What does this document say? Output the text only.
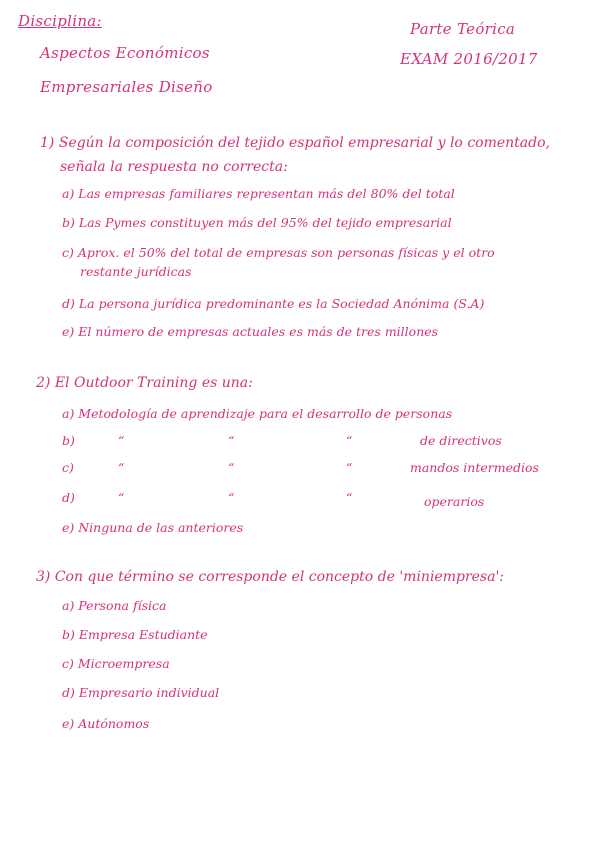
Disciplina:
Aspectos Económicos
Empresariales Diseño
Parte Teórica
EXAM 2016/2017
1) Según la composición del tejido español empresarial y lo comentado,
señala la respuesta no correcta:
a) Las empresas familiares representan más del 80% del total
b) Las Pymes constituyen más del 95% del tejido empresarial
c) Aprox. el 50% del total de empresas son personas físicas y el otro
restante jurídicas
d) La persona jurídica predominante es la Sociedad Anónima (S.A)
e) El número de empresas actuales es más de tres millones
2) El Outdoor Training es una:
a) Metodología de aprendizaje para el desarrollo de personas
b)	“	“	“	de directivos
c)	“	“	“	mandos intermedios
d)	“	“	“	operarios
e) Ninguna de las anteriores
3) Con que término se corresponde el concepto de 'miniempresa':
a) Persona física
b) Empresa Estudiante
c) Microempresa
d) Empresario individual
e) Autónomos
